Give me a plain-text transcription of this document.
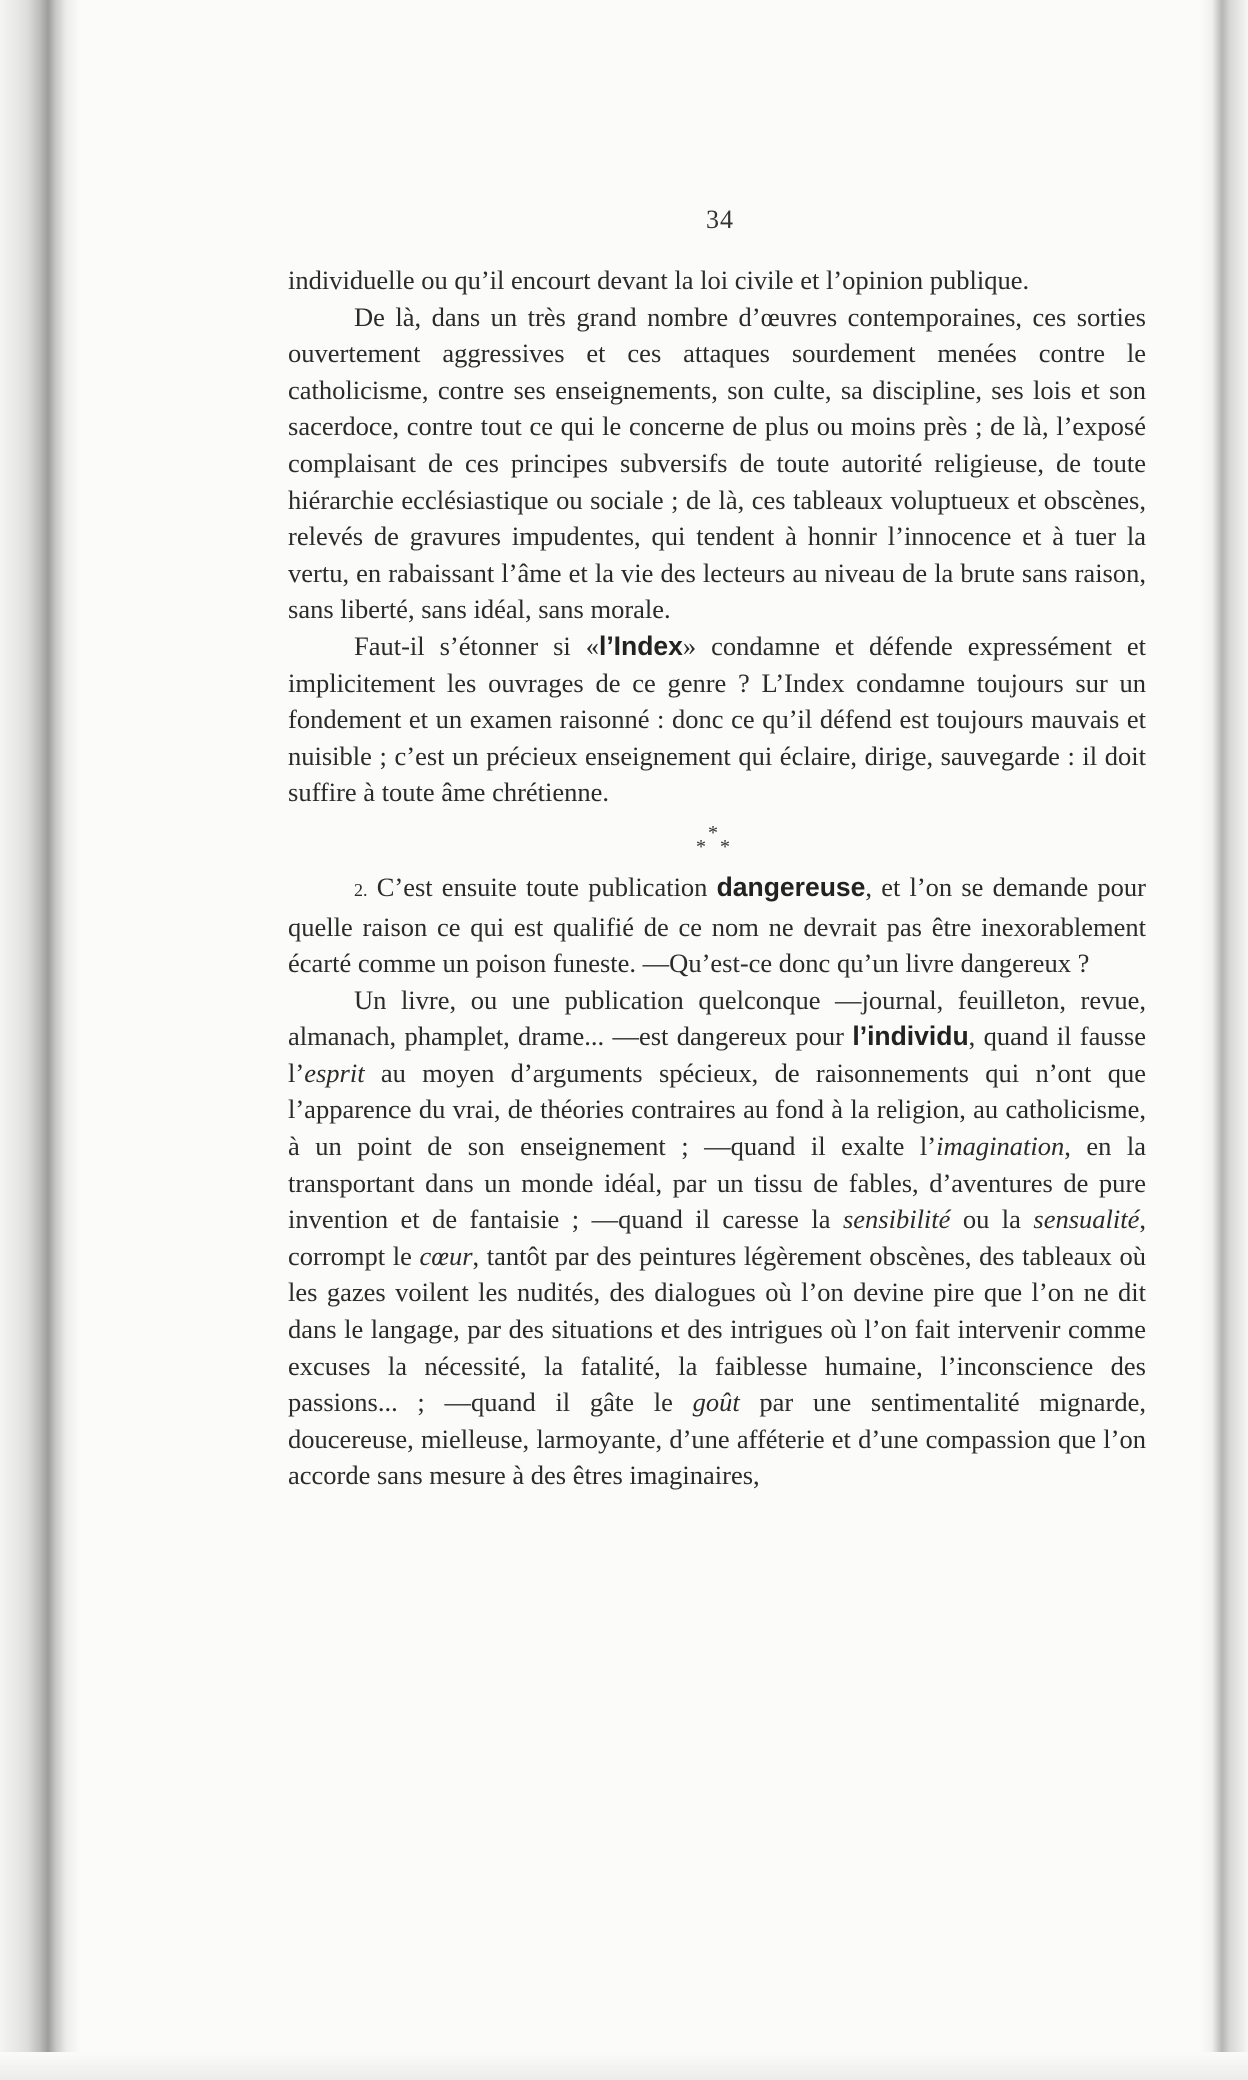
34

individuelle ou qu’il encourt devant la loi civile et l’opinion publique.

De là, dans un très grand nombre d’œuvres contemporaines, ces sorties ouvertement aggressives et ces attaques sourdement menées contre le catholicisme, contre ses enseignements, son culte, sa discipline, ses lois et son sacerdoce, contre tout ce qui le concerne de plus ou moins près ; de là, l’exposé complaisant de ces principes subversifs de toute autorité religieuse, de toute hiérarchie ecclésiastique ou sociale ; de là, ces tableaux voluptueux et obscènes, relevés de gravures impudentes, qui tendent à honnir l’innocence et à tuer la vertu, en rabaissant l’âme et la vie des lecteurs au niveau de la brute sans raison, sans liberté, sans idéal, sans morale.

Faut-il s’étonner si «l’Index» condamne et défende expressément et implicitement les ouvrages de ce genre ? L’Index condamne toujours sur un fondement et un examen raisonné : donc ce qu’il défend est toujours mauvais et nuisible ; c’est un précieux enseignement qui éclaire, dirige, sauvegarde : il doit suffire à toute âme chrétienne.

*
* *

2. C’est ensuite toute publication dangereuse, et l’on se demande pour quelle raison ce qui est qualifié de ce nom ne devrait pas être inexorablement écarté comme un poison funeste. —Qu’est-ce donc qu’un livre dangereux ?

Un livre, ou une publication quelconque —journal, feuilleton, revue, almanach, phamplet, drame... —est dangereux pour l’individu, quand il fausse l’esprit au moyen d’arguments spécieux, de raisonnements qui n’ont que l’apparence du vrai, de théories contraires au fond à la religion, au catholicisme, à un point de son enseignement ; —quand il exalte l’imagination, en la transportant dans un monde idéal, par un tissu de fables, d’aventures de pure invention et de fantaisie ; —quand il caresse la sensibilité ou la sensualité, corrompt le cœur, tantôt par des peintures légèrement obscènes, des tableaux où les gazes voilent les nudités, des dialogues où l’on devine pire que l’on ne dit dans le langage, par des situations et des intrigues où l’on fait intervenir comme excuses la nécessité, la fatalité, la faiblesse humaine, l’inconscience des passions... ; —quand il gâte le goût par une sentimentalité mignarde, doucereuse, mielleuse, larmoyante, d’une afféterie et d’une compassion que l’on accorde sans mesure à des êtres imaginaires,
